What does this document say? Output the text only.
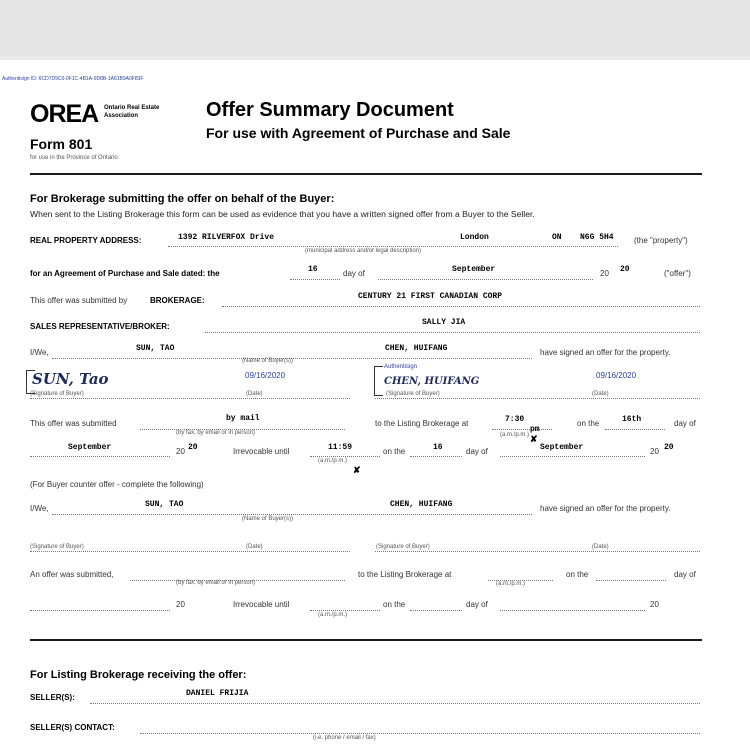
Authentisign ID: 6CD7D9C0-0F1C-4B1A-9D8B-1A61B9A0F83F
OREA Ontario Real Estate
Association
Form 801
for use in the Province of Ontario
Offer Summary Document
For use with Agreement of Purchase and Sale
For Brokerage submitting the offer on behalf of the Buyer:
When sent to the Listing Brokerage this form can be used as evidence that you have a written signed offer from a Buyer to the Seller.
REAL PROPERTY ADDRESS:	1392 RILVERFOX Drive	London	ON N6G 5H4	(the "property")
(municipal address and/or legal description)
for an Agreement of Purchase and Sale dated: the	16	day of	September	20 20	("offer")
This offer was submitted by	BROKERAGE:	CENTURY 21 FIRST CANADIAN CORP
SALES REPRESENTATIVE/BROKER:	SALLY JIA
I/We,	SUN, TAO	CHEN, HUIFANG	have signed an offer for the property.
(Name of Buyer(s))
SUN, Tao	09/16/2020
Authentisign
CHEN, HUIFANG
09/16/2020
(Signature of Buyer)	(Date)	(Signature of Buyer)	(Date)
This offer was submitted
by mail
(by fax, by email or in person)
to the Listing Brokerage at	7:30
pm
(a.m./p.m.)
on the	16th	day of
September	20 20	Irrevocable until	11:59
(a.m./p.m.)
on the	16	day of	September	20 20
(For Buyer counter offer - complete the following)
I/We,	SUN, TAO	CHEN, HUIFANG	have signed an offer for the property.
(Name of Buyer(s))
(Signature of Buyer)	(Date)	(Signature of Buyer)	(Date)
An offer was submitted,
(by fax, by email or in person)
to the Listing Brokerage at
(a.m./p.m.)
on the	day of
20	Irrevocable until
(a.m./p.m.)
on the	day of	20
For Listing Brokerage receiving the offer:
SELLER(S):	DANIEL FRIJIA
SELLER(S) CONTACT:
(i.e. phone / email / fax)
✘
✘
